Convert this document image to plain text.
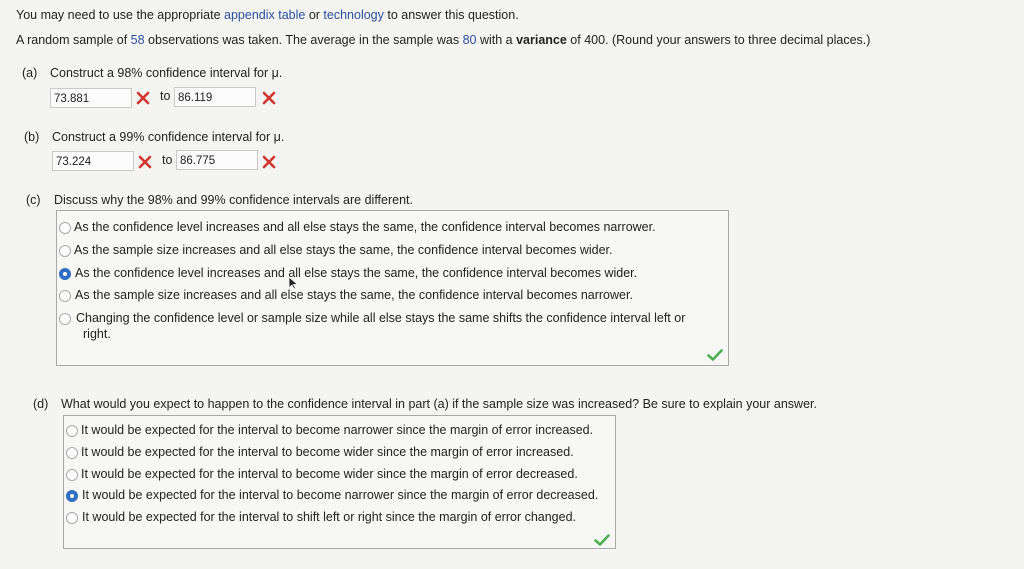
You may need to use the appropriate appendix table or technology to answer this question.
A random sample of 58 observations was taken. The average in the sample was 80 with a variance of 400. (Round your answers to three decimal places.)
(a) Construct a 98% confidence interval for μ.
73.881	to 86.119
(b) Construct a 99% confidence interval for μ.
73.224	to 86.775
(c) Discuss why the 98% and 99% confidence intervals are different.
As the confidence level increases and all else stays the same, the confidence interval becomes narrower.
As the sample size increases and all else stays the same, the confidence interval becomes wider.
As the confidence level increases and all else stays the same, the confidence interval becomes wider.
As the sample size increases and all else stays the same, the confidence interval becomes narrower.
Changing the confidence level or sample size while all else stays the same shifts the confidence interval left or
right.
(d) What would you expect to happen to the confidence interval in part (a) if the sample size was increased? Be sure to explain your answer.
It would be expected for the interval to become narrower since the margin of error increased.
It would be expected for the interval to become wider since the margin of error increased.
It would be expected for the interval to become wider since the margin of error decreased.
It would be expected for the interval to become narrower since the margin of error decreased.
It would be expected for the interval to shift left or right since the margin of error changed.
